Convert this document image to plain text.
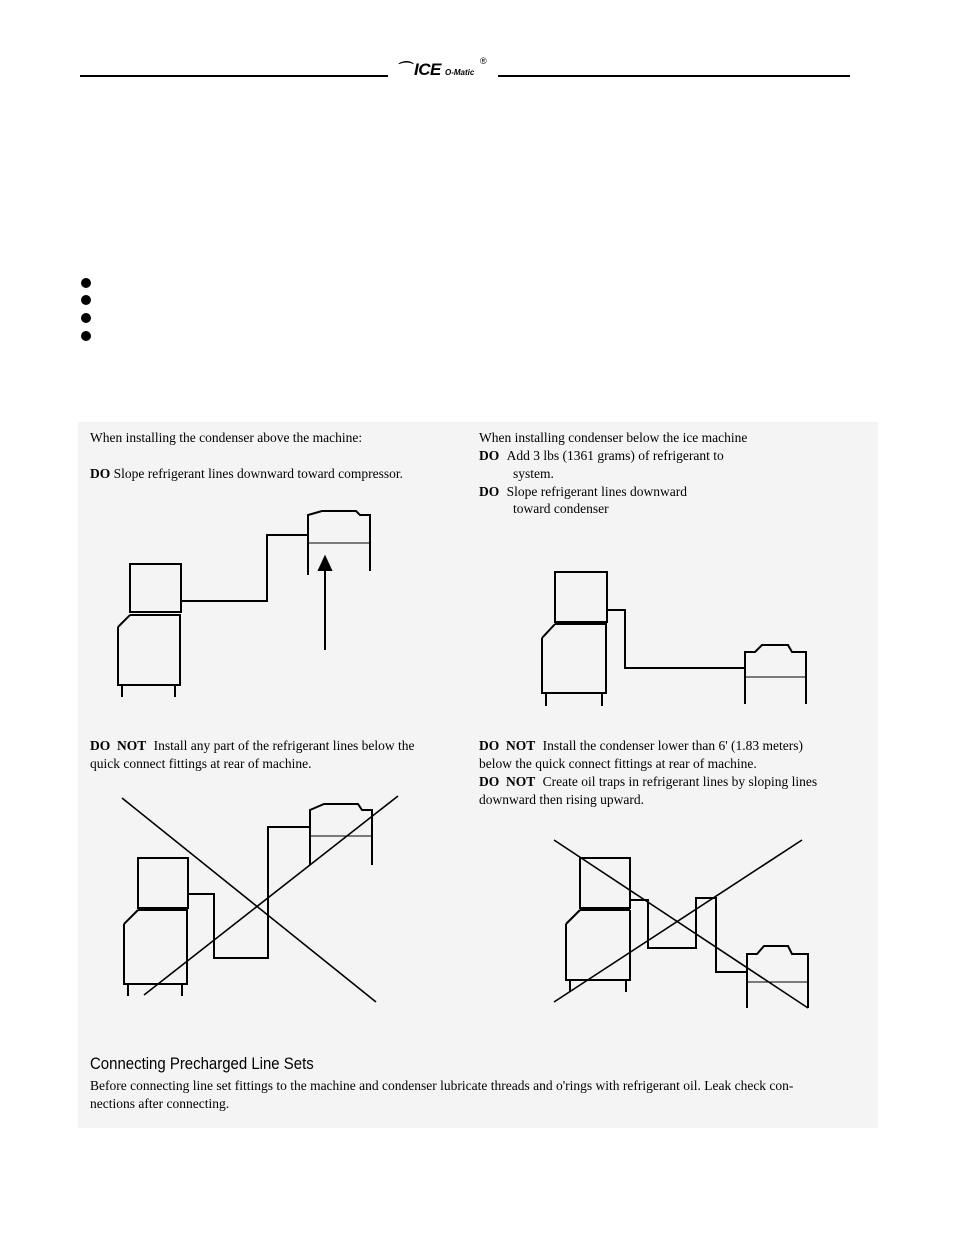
⌒ ICE O-Matic
®
When installing the condenser above the machine:
DO Slope refrigerant lines downward toward compressor.
When installing condenser below the ice machine
DO Add 3 lbs (1361 grams) of refrigerant to
system.
DO Slope refrigerant lines downward
toward condenser
DO  NOT Install any part of the refrigerant lines below the
quick connect fittings at rear of machine.
DO  NOT Install the condenser lower than 6' (1.83 meters)
below the quick connect fittings at rear of machine.
DO  NOT Create oil traps in refrigerant lines by sloping lines
downward then rising upward.
Connecting Precharged Line Sets
Before connecting line set fittings to the machine and condenser lubricate threads and o'rings with refrigerant oil. Leak check con-
nections after connecting.
